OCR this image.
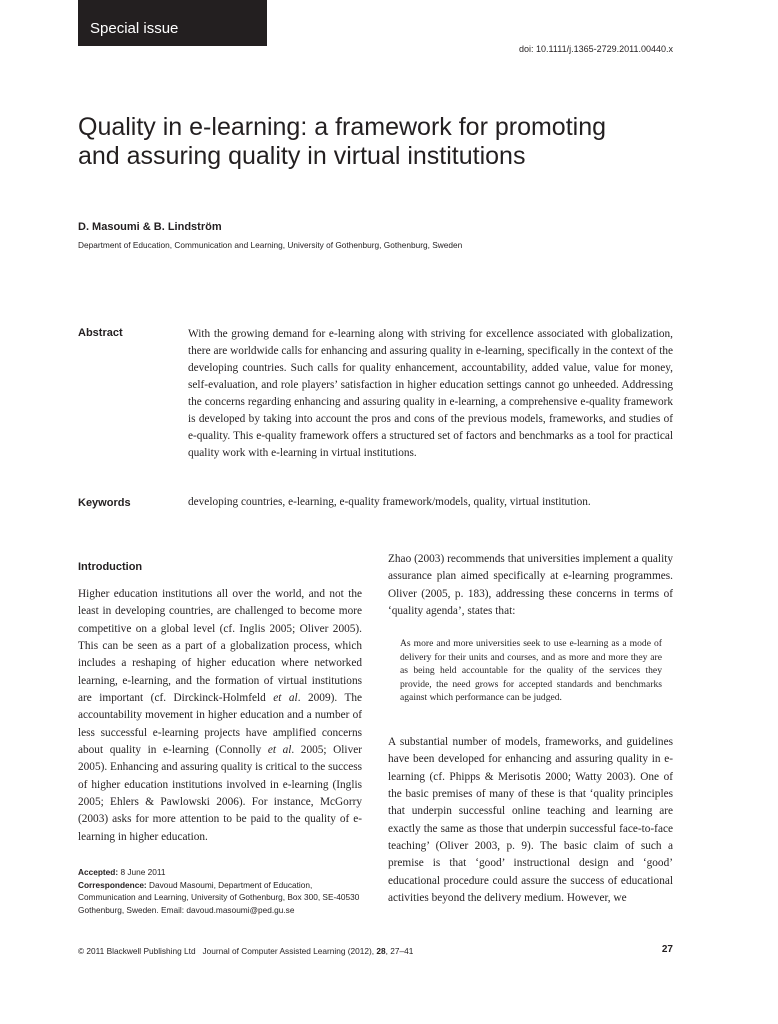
Special issue
doi: 10.1111/j.1365-2729.2011.00440.x
Quality in e-learning: a framework for promoting and assuring quality in virtual institutions
D. Masoumi & B. Lindström
Department of Education, Communication and Learning, University of Gothenburg, Gothenburg, Sweden
Abstract	With the growing demand for e-learning along with striving for excellence associated with globalization, there are worldwide calls for enhancing and assuring quality in e-learning, specifically in the context of the developing countries. Such calls for quality enhancement, accountability, added value, value for money, self-evaluation, and role players’ satisfaction in higher education settings cannot go unheeded. Addressing the concerns regarding enhancing and assuring quality in e-learning, a comprehensive e-quality framework is developed by taking into account the pros and cons of the previous models, frameworks, and studies of e-quality. This e-quality framework offers a structured set of factors and benchmarks as a tool for practical quality work with e-learning in virtual institutions.

Keywords	developing countries, e-learning, e-quality framework/models, quality, virtual institution.
Introduction

Higher education institutions all over the world, and not the least in developing countries, are challenged to become more competitive on a global level (cf. Inglis 2005; Oliver 2005). This can be seen as a part of a globalization process, which includes a reshaping of higher education where networked learning, e-learning, and the formation of virtual institutions are important (cf. Dirckinck-Holmfeld et al. 2009). The accountability movement in higher education and a number of less successful e-learning projects have amplified concerns about quality in e-learning (Connolly et al. 2005; Oliver 2005). Enhancing and assuring quality is critical to the success of higher education institutions involved in e-learning (Inglis 2005; Ehlers & Pawlowski 2006). For instance, McGorry (2003) asks for more attention to be paid to the quality of e-learning in higher education.

Zhao (2003) recommends that universities implement a quality assurance plan aimed specifically at e-learning programmes. Oliver (2005, p. 183), addressing these concerns in terms of ‘quality agenda’, states that:

As more and more universities seek to use e-learning as a mode of delivery for their units and courses, and as more and more they are as being held accountable for the quality of the services they provide, the need grows for accepted standards and benchmarks against which performance can be judged.

A substantial number of models, frameworks, and guidelines have been developed for enhancing and assuring quality in e-learning (cf. Phipps & Merisotis 2000; Watty 2003). One of the basic premises of many of these is that ‘quality principles that underpin successful online teaching and learning are exactly the same as those that underpin successful face-to-face teaching’ (Oliver 2003, p. 9). The basic claim of such a premise is that ‘good’ instructional design and ‘good’ educational procedure could assure the success of educational activities beyond the delivery medium. However, we

Accepted: 8 June 2011
Correspondence: Davoud Masoumi, Department of Education, Communication and Learning, University of Gothenburg, Box 300, SE-40530 Gothenburg, Sweden. Email: davoud.masoumi@ped.gu.se

© 2011 Blackwell Publishing Ltd Journal of Computer Assisted Learning (2012), 28, 27–41	27
